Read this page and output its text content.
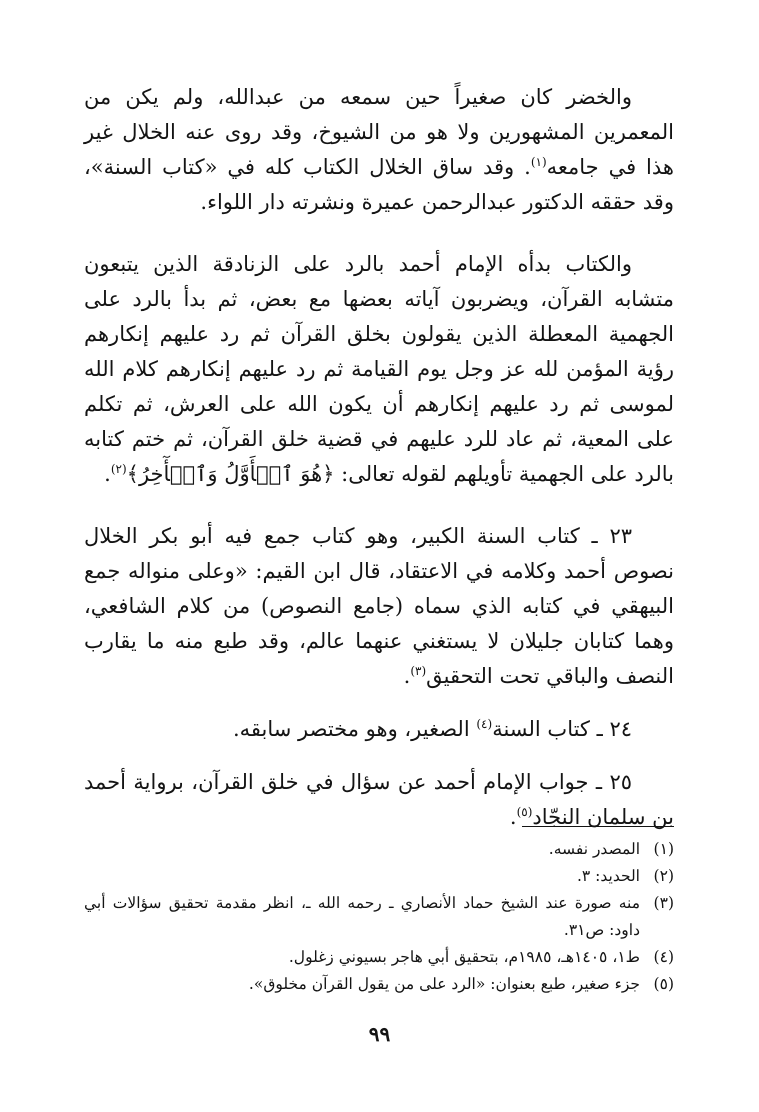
والخضر كان صغيراً حين سمعه من عبدالله، ولم يكن من المعمرين المشهورين ولا هو من الشيوخ، وقد روى عنه الخلال غير هذا في جامعه$^{(١)}$. وقد ساق الخلال الكتاب كله في «كتاب السنة»، وقد حققه الدكتور عبدالرحمن عميرة ونشرته دار اللواء.

والكتاب بدأه الإمام أحمد بالرد على الزنادقة الذين يتبعون متشابه القرآن، ويضربون آياته بعضها مع بعض، ثم بدأ بالرد على الجهمية المعطلة الذين يقولون بخلق القرآن ثم رد عليهم إنكارهم رؤية المؤمن لله عز وجل يوم القيامة ثم رد عليهم إنكارهم كلام الله لموسى ثم رد عليهم إنكارهم أن يكون الله على العرش، ثم تكلم على المعية، ثم عاد للرد عليهم في قضية خلق القرآن، ثم ختم كتابه بالرد على الجهمية تأويلهم لقوله تعالى: ﴿هُوَ ٱلۡأَوَّلُ وَٱلۡأٓخِرُ﴾$^{(٢)}$.

٢٣ ـ كتاب السنة الكبير، وهو كتاب جمع فيه أبو بكر الخلال نصوص أحمد وكلامه في الاعتقاد، قال ابن القيم: «وعلى منواله جمع البيهقي في كتابه الذي سماه (جامع النصوص) من كلام الشافعي، وهما كتابان جليلان لا يستغني عنهما عالم، وقد طبع منه ما يقارب النصف والباقي تحت التحقيق$^{(٣)}$.

٢٤ ـ كتاب السنة$^{(٤)}$ الصغير، وهو مختصر سابقه.

٢٥ ـ جواب الإمام أحمد عن سؤال في خلق القرآن، برواية أحمد بن سلمان النجّاد$^{(٥)}$.

(١)
المصدر نفسه.
(٢)
الحديد: ٣.
(٣)
منه صورة عند الشيخ حماد الأنصاري ـ رحمه الله ـ، انظر مقدمة تحقيق سؤالات أبي داود: ص٣١.
(٤)
ط١، ١٤٠٥هـ، ١٩٨٥م، بتحقيق أبي هاجر بسيوني زغلول.
(٥)
جزء صغير، طبع بعنوان: «الرد على من يقول القرآن مخلوق».
٩٩
